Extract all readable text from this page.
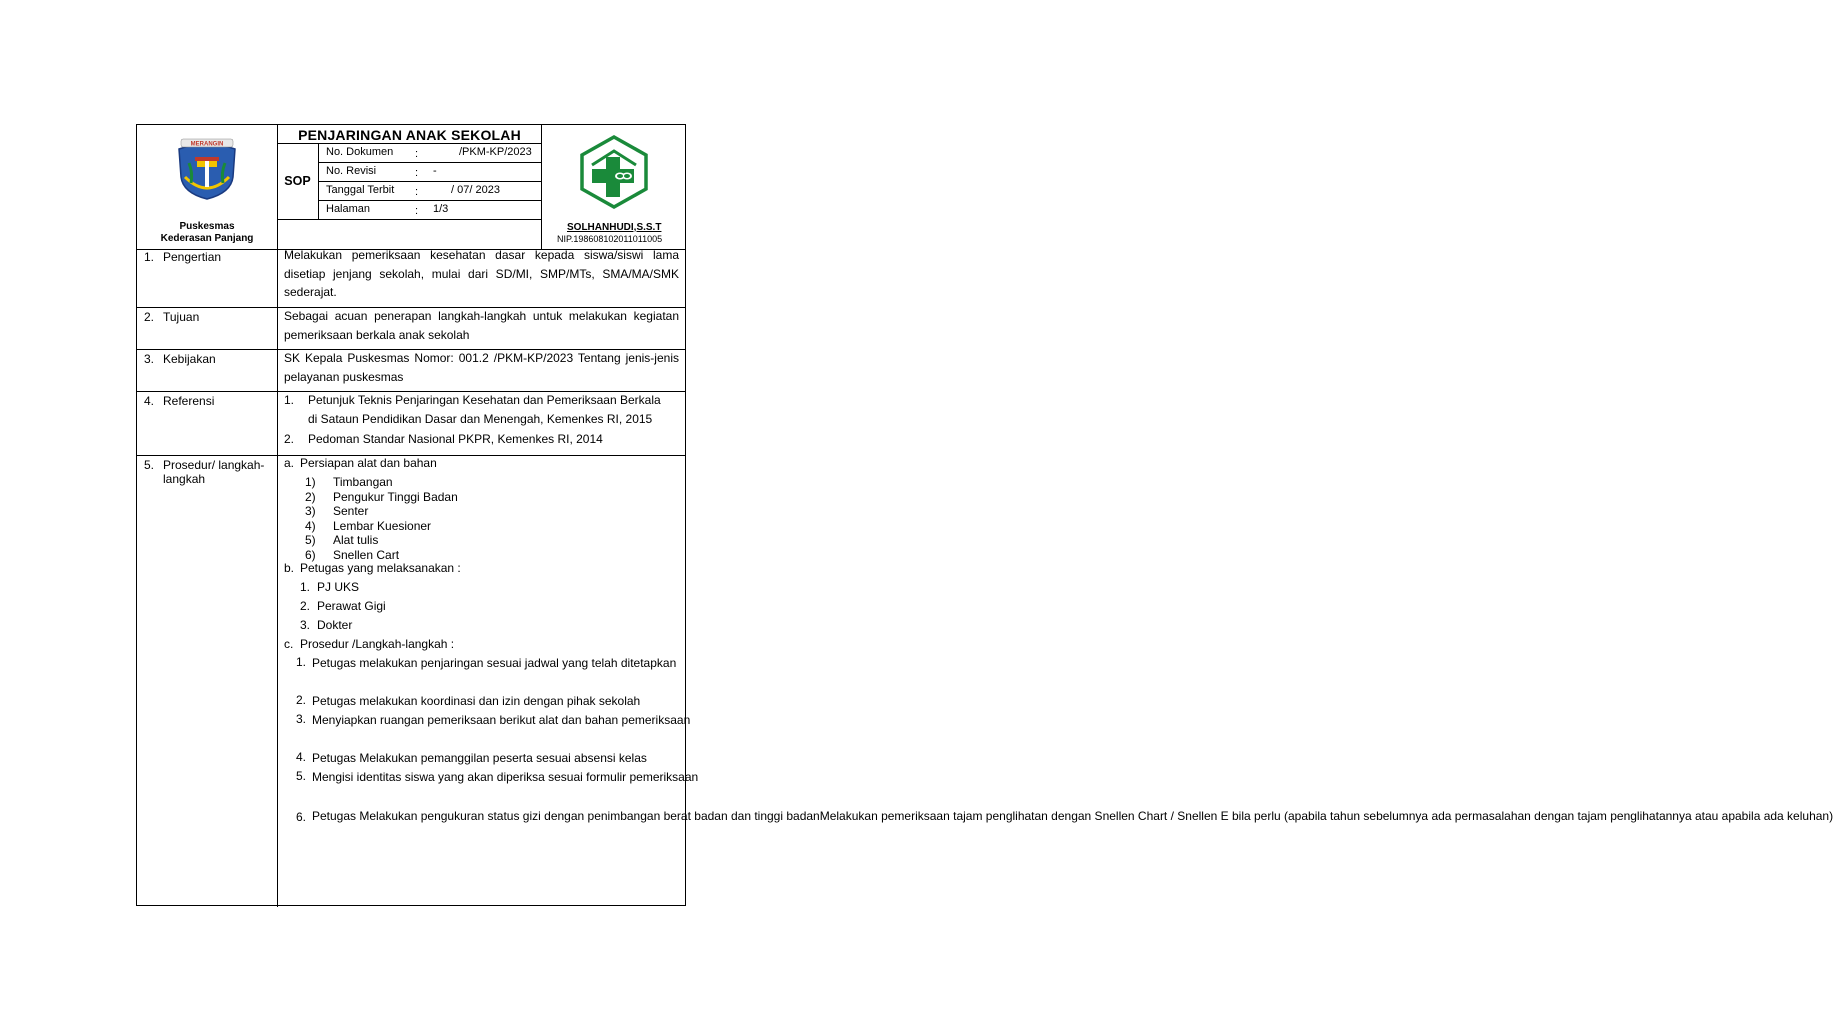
MERANGIN
Puskesmas
Kederasan Panjang
PENJARINGAN ANAK SEKOLAH
SOP
No. Dokumen :	/PKM-KP/2023
No. Revisi	: -
Tanggal Terbit :	/ 07/ 2023
Halaman	: 1/3
SOLHANHUDI,S.S.T
NIP.198608102011011005
1. Pengertian	Melakukan pemeriksaan kesehatan dasar kepada siswa/siswi lama disetiap jenjang sekolah, mulai dari SD/MI, SMP/MTs, SMA/MA/SMK sederajat.
2. Tujuan	Sebagai acuan penerapan langkah-langkah untuk melakukan kegiatan pemeriksaan berkala anak sekolah
3. Kebijakan	SK Kepala Puskesmas Nomor: 001.2 /PKM-KP/2023 Tentang jenis-jenis pelayanan puskesmas
4. Referensi	1. Petunjuk Teknis Penjaringan Kesehatan dan Pemeriksaan Berkala
di Sataun Pendidikan Dasar dan Menengah, Kemenkes RI, 2015
2. Pedoman Standar Nasional PKPR, Kemenkes RI, 2014
5. Prosedur/ langkah-
langkah
a. Persiapan alat dan bahan
1) Timbangan
2) Pengukur Tinggi Badan
3) Senter
4) Lembar Kuesioner
5) Alat tulis
6) Snellen Cart
b. Petugas yang melaksanakan :
1. PJ UKS
2. Perawat Gigi
3. Dokter
c. Prosedur /Langkah-langkah :
1. Petugas melakukan penjaringan sesuai jadwal yang telah ditetapkan
2. Petugas melakukan koordinasi dan izin dengan pihak sekolah
3. Menyiapkan ruangan pemeriksaan berikut alat dan bahan pemeriksaan
4. Petugas Melakukan pemanggilan peserta sesuai absensi kelas
5. Mengisi identitas siswa yang akan diperiksa sesuai formulir pemeriksaan
6. Petugas Melakukan pengukuran status gizi dengan penimbangan berat badan dan tinggi badanMelakukan pemeriksaan tajam penglihatan dengan Snellen Chart / Snellen E bila perlu (apabila tahun sebelumnya ada permasalahan dengan tajam penglihatannya atau apabila ada keluhan)
